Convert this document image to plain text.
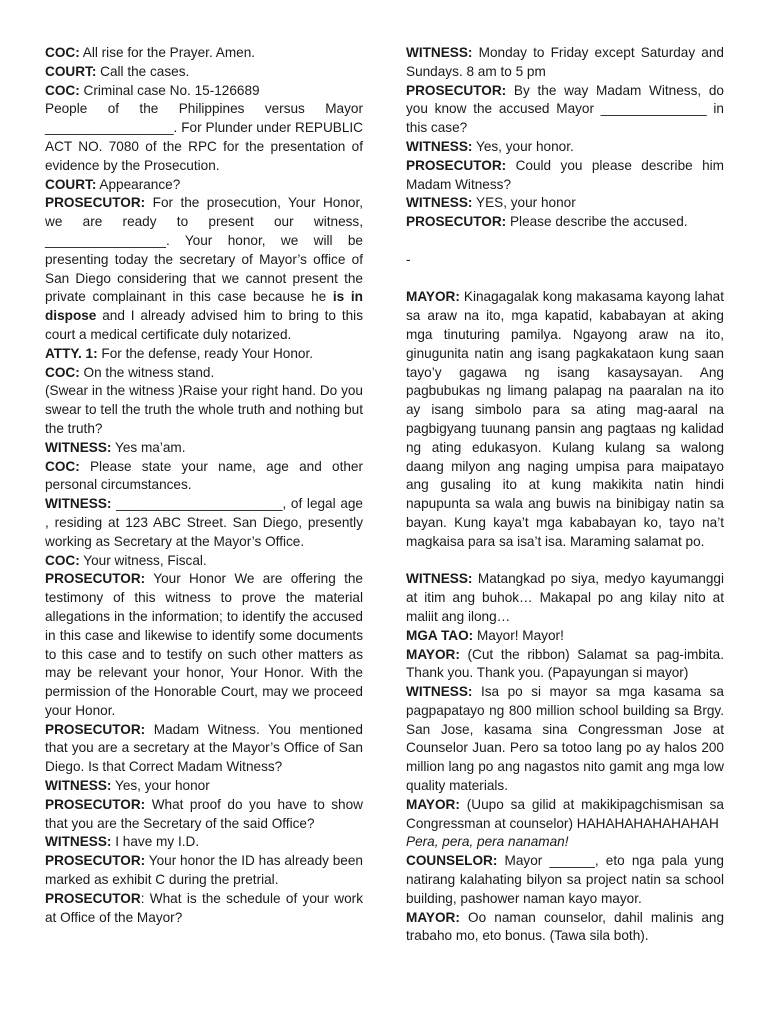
COC: All rise for the Prayer. Amen.

COURT: Call the cases.

COC: Criminal case No. 15-126689

People of the Philippines versus Mayor _________________. For Plunder under REPUBLIC ACT NO. 7080 of the RPC for the presentation of evidence by the Prosecution.

COURT: Appearance?

PROSECUTOR: For the prosecution, Your Honor, we are ready to present our witness, ________________. Your honor, we will be presenting today the secretary of Mayor’s office of San Diego considering that we cannot present the private complainant in this case because he is in dispose and I already advised him to bring to this court a medical certificate duly notarized.

ATTY. 1: For the defense, ready Your Honor.

COC: On the witness stand.

(Swear in the witness )Raise your right hand. Do you swear to tell the truth the whole truth and nothing but the truth?

WITNESS: Yes ma’am.

COC: Please state your name, age and other personal circumstances.

WITNESS: ______________________, of legal age , residing at 123 ABC Street. San Diego, presently working as Secretary at the Mayor’s Office.

COC: Your witness, Fiscal.

PROSECUTOR: Your Honor We are offering the testimony of this witness to prove the material allegations in the information; to identify the accused in this case and likewise to identify some documents to this case and to testify on such other matters as may be relevant your honor, Your Honor. With the permission of the Honorable Court, may we proceed your Honor.

PROSECUTOR: Madam Witness. You mentioned that you are a secretary at the Mayor’s Office of San Diego. Is that Correct Madam Witness?

WITNESS: Yes, your honor

PROSECUTOR: What proof do you have to show that you are the Secretary of the said Office?

WITNESS: I have my I.D.

PROSECUTOR: Your honor the ID has already been marked as exhibit C during the pretrial.

PROSECUTOR: What is the schedule of your work at Office of the Mayor?

WITNESS: Monday to Friday except Saturday and Sundays. 8 am to 5 pm

PROSECUTOR: By the way Madam Witness, do you know the accused Mayor ______________ in this case?

WITNESS: Yes, your honor.

PROSECUTOR: Could you please describe him Madam Witness?

WITNESS: YES, your honor

PROSECUTOR: Please describe the accused.

-

MAYOR: Kinagagalak kong makasama kayong lahat sa araw na ito, mga kapatid, kababayan at aking mga tinuturing pamilya. Ngayong araw na ito, ginugunita natin ang isang pagkakataon kung saan tayo’y gagawa ng isang kasaysayan. Ang pagbubukas ng limang palapag na paaralan na ito ay isang simbolo para sa ating mag-aaral na pagbigyang tuunang pansin ang pagtaas ng kalidad ng ating edukasyon. Kulang kulang sa walong daang milyon ang naging umpisa para maipatayo ang gusaling ito at kung makikita natin hindi napupunta sa wala ang buwis na binibigay natin sa bayan. Kung kaya’t mga kababayan ko, tayo na’t magkaisa para sa isa’t isa. Maraming salamat po.

WITNESS: Matangkad po siya, medyo kayumanggi at itim ang buhok… Makapal po ang kilay nito at maliit ang ilong…

MGA TAO: Mayor! Mayor!

MAYOR: (Cut the ribbon) Salamat sa pag-imbita. Thank you. Thank you. (Papayungan si mayor)

WITNESS: Isa po si mayor sa mga kasama sa pagpapatayo ng 800 million school building sa Brgy. San Jose, kasama sina Congressman Jose at Counselor Juan. Pero sa totoo lang po ay halos 200 million lang po ang nagastos nito gamit ang mga low quality materials.

MAYOR: (Uupo sa gilid at makikipagchismisan sa Congressman at counselor) HAHAHAHAHAHAHAH

Pera, pera, pera nanaman!

COUNSELOR: Mayor ______, eto nga pala yung natirang kalahating bilyon sa project natin sa school building, pashower naman kayo mayor.

MAYOR: Oo naman counselor, dahil malinis ang trabaho mo, eto bonus. (Tawa sila both).
